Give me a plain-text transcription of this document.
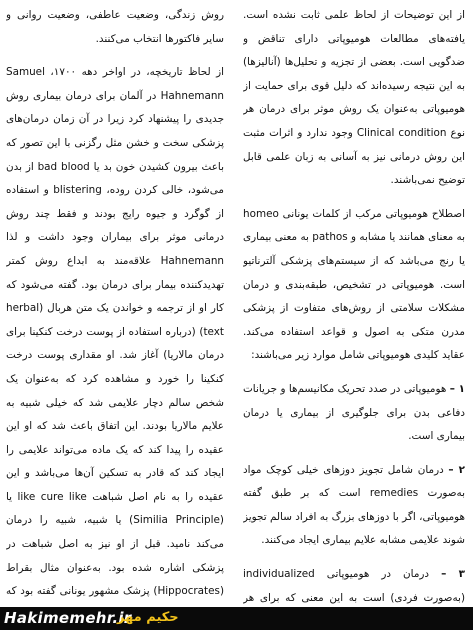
از این توضیحات از لحاظ علمی ثابت نشده است. یافته‌های مطالعات هومیوپاتی دارای تناقض و ضدگویی است. بعضی از تجزیه و تحلیل‌ها (آنالیزها) به این نتیجه رسیده‌اند که دلیل قوی برای حمایت از هومیوپاتی به‌عنوان یک روش موثر برای درمان هر نوع Clinical condition وجود ندارد و اثرات مثبت این روش درمانی نیز به آسانی به زبان علمی قابل توضیح نمی‌باشند.

اصطلاح هومیوپاتی مرکب از کلمات یونانی homeo به معنای همانند یا مشابه و pathos به معنی بیماری یا رنج می‌باشد که از سیستم‌های پزشکی آلترناتیو است. هومیوپاتی در تشخیص، طبقه‌بندی و درمان مشکلات سلامتی از روش‌های متفاوت از پزشکی مدرن متکی به اصول و قواعد استفاده می‌کند. عقاید کلیدی هومیوپاتی شامل موارد زیر می‌باشند:

۱ – هومیوپاتی در صدد تحریک مکانیسم‌ها و جریانات دفاعی بدن برای جلوگیری از بیماری یا درمان بیماری است.

۲ – درمان شامل تجویز دوزهای خیلی کوچک مواد به‌صورت remedies است که بر طبق گفته هومیوپاتی، اگر با دوزهای بزرگ به افراد سالم تجویز شوند علایمی مشابه علایم بیماری ایجاد می‌کنند.

۳ – درمان در هومیوپاتی individualized (به‌صورت فردی) است به این معنی که برای هر

روش زندگی، وضعیت عاطفی، وضعیت روانی و سایر فاکتورها انتخاب می‌کنند.

از لحاظ تاریخچه، در اواخر دهه ۱۷۰۰، Samuel Hahnemann در آلمان برای درمان بیماری روش جدیدی را پیشنهاد کرد زیرا در آن زمان درمان‌های پزشکی سخت و خشن مثل رگزنی با این تصور که باعث بیرون کشیدن خون بد یا bad blood از بدن می‌شود، خالی کردن روده، blistering و استفاده از گوگرد و جیوه رایج بودند و فقط چند روش درمانی موثر برای بیماران وجود داشت و لذا Hahnemann علاقه‌مند به ابداع روش کمتر تهدیدکننده بیمار برای درمان بود. گفته می‌شود که کار او از ترجمه و خواندن یک متن هربال (herbal text) (درباره استفاده از پوست درخت کنکینا برای درمان مالاریا) آغاز شد. او مقداری پوست درخت کنکینا را خورد و مشاهده کرد که به‌عنوان یک شخص سالم دچار علایمی شد که خیلی شبیه به علایم مالاریا بودند. این اتفاق باعث شد که او این عقیده را پیدا کند که یک ماده می‌تواند علایمی را ایجاد کند که قادر به تسکین آن‌ها می‌باشد و این عقیده را به نام اصل شباهت like cure like یا (Similia Principle) یا شبیه، شبیه را درمان می‌کند نامید. قبل از او نیز به اصل شباهت در پزشکی اشاره شده بود. به‌عنوان مثال بقراط (Hippocrates) پزشک مشهور یونانی گفته بود که

Hakimemehr.ir
حکیم مهر
